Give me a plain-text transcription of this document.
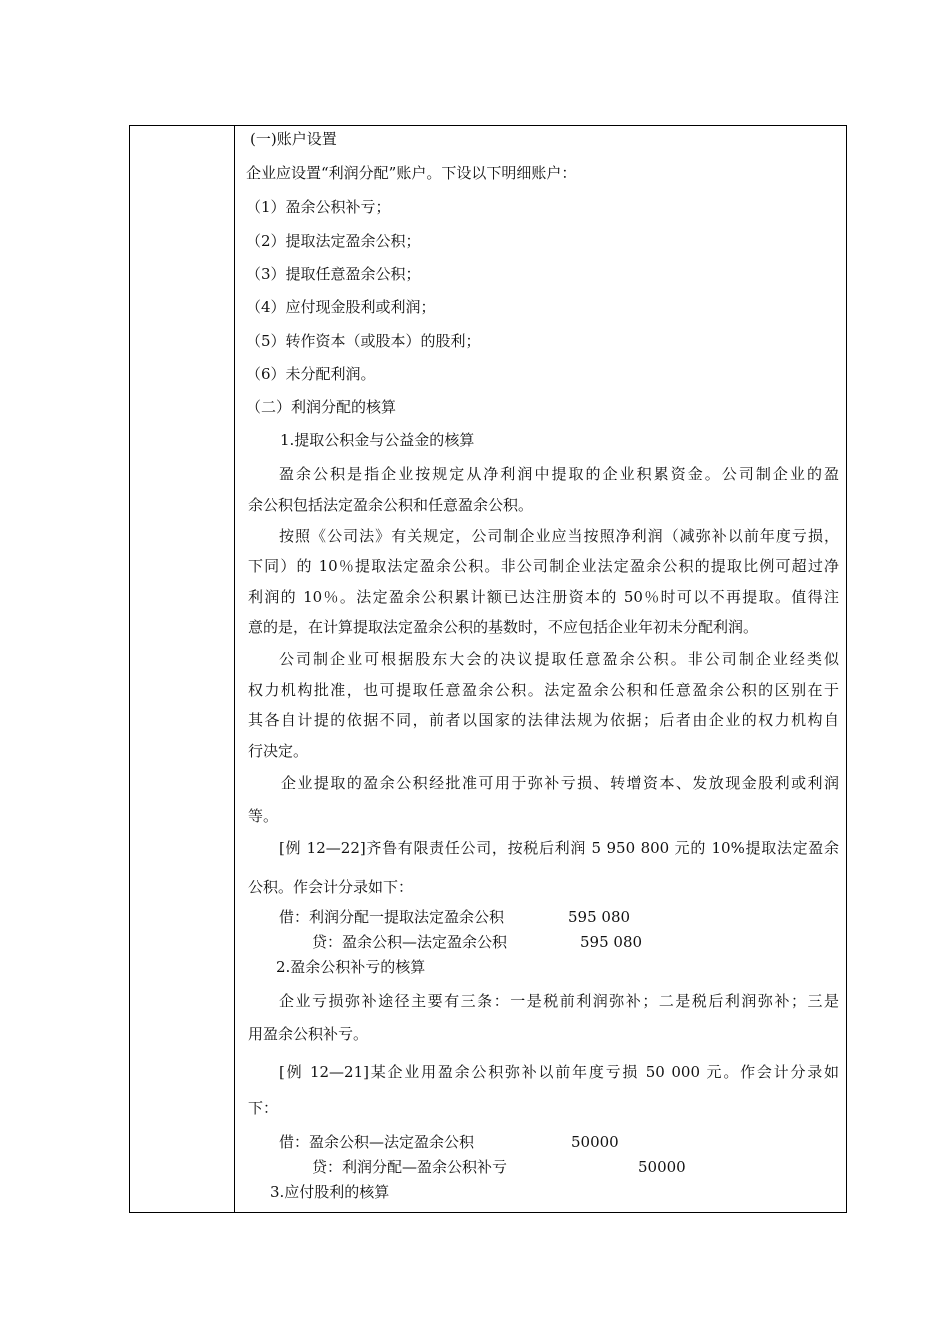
(一)账户设置
企业应设置“利润分配”账户。下设以下明细账户：
（1）盈余公积补亏；
（2）提取法定盈余公积；
（3）提取任意盈余公积；
（4）应付现金股利或利润；
（5）转作资本（或股本）的股利；
（6）未分配利润。
（二）利润分配的核算
1.提取公积金与公益金的核算
盈余公积是指企业按规定从净利润中提取的企业积累资金。公司制企业的盈
余公积包括法定盈余公积和任意盈余公积。
按照《公司法》有关规定，公司制企业应当按照净利润（减弥补以前年度亏损，
下同）的 10％提取法定盈余公积。非公司制企业法定盈余公积的提取比例可超过净
利润的 10％。法定盈余公积累计额已达注册资本的 50％时可以不再提取。值得注
意的是，在计算提取法定盈余公积的基数时，不应包括企业年初未分配利润。
公司制企业可根据股东大会的决议提取任意盈余公积。非公司制企业经类似
权力机构批准，也可提取任意盈余公积。法定盈余公积和任意盈余公积的区别在于
其各自计提的依据不同，前者以国家的法律法规为依据；后者由企业的权力机构自
行决定。
企业提取的盈余公积经批准可用于弥补亏损、转增资本、发放现金股利或利润
等。
[例 12—22]齐鲁有限责任公司，按税后利润 5 950 800 元的 10%提取法定盈余
公积。作会计分录如下：
借：利润分配一提取法定盈余公积	595 080
贷：盈余公积—法定盈余公积	595 080
2.盈余公积补亏的核算
企业亏损弥补途径主要有三条：一是税前利润弥补；二是税后利润弥补；三是
用盈余公积补亏。
[例 12—21]某企业用盈余公积弥补以前年度亏损 50 000 元。作会计分录如
下：
借：盈余公积—法定盈余公积	50000
贷：利润分配—盈余公积补亏	50000
3.应付股利的核算
